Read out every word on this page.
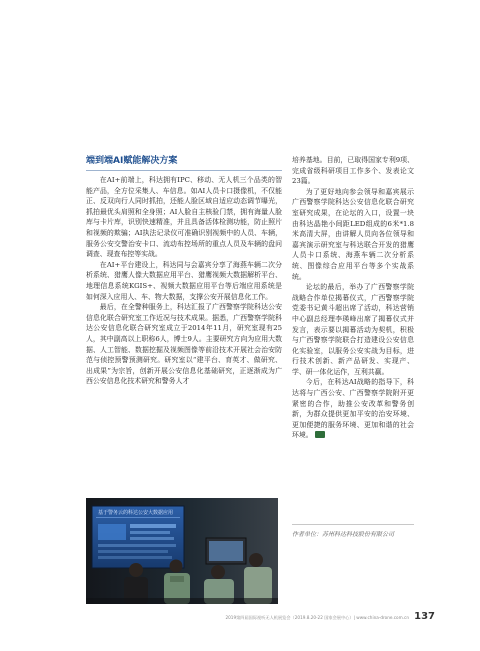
端到端AI赋能解决方案

在AI+前端上，科达拥有IPC、移动、无人机三个品类的智能产品，全方位采集人、车信息。如AI人员卡口摄像机，不仅能正、反双向行人同时抓拍，还能人脸区域自适应动态调节曝光，抓拍最优头肩照和全身照；AI人脸自主核验门禁，拥有海量人脸库与卡片库，识别快速精准，并且具备活体检测功能，防止照片和视频的欺骗；AI执法记录仪可准确识别视频中的人员、车辆，服务公安交警治安卡口、流动布控场所的重点人员及车辆的盘问调查、现查布控等实战。

在AI+平台建设上，科达同与会嘉宾分享了海燕车辆二次分析系统、猎鹰人像大数据应用平台、猎鹰视频大数据解析平台、地理信息系统KGIS+、视频大数据应用平台等后端应用系统是如何深入应用人、车、物大数据，支撑公安开展信息化工作。

最后，在全警种服务上，科达汇报了广西警察学院科达公安信息化联合研究室工作近况与技术成果。据悉，广西警察学院科达公安信息化联合研究室成立于2014年11月，研究室现有25人，其中副高以上职称6人，博士9人。主要研究方向为应用大数据、人工智能、数据挖掘及视频图像等前沿技术开展社会治安防范与侦控预警预测研究。研究室以“建平台、育英才、做研究、出成果”为宗旨，创新开展公安信息化基础研究，正逐渐成为广西公安信息化技术研究和警务人才

培养基地。目前，已取得国家专利9项、完成省级科研项目工作多个、发表论文23篇。

为了更好地向参会领导和嘉宾展示广西警察学院科达公安信息化联合研究室研究成果，在论坛的入口，设置一块由科达晶艳小间距LED组成的6米*1.8米高清大屏，由讲解人员向各位领导和嘉宾演示研究室与科达联合开发的猎鹰人员卡口系统、海燕车辆二次分析系统、图像综合应用平台等多个实战系统。

论坛的最后，举办了广西警察学院战略合作单位揭幕仪式，广西警察学院党委书记黄斗超出席了活动，科达营销中心副总经理李瑛峰出席了揭幕仪式并发言，表示要以揭幕活动为契机，积极与广西警察学院联合打造建设公安信息化实验室，以服务公安实战为目标，进行技术创新、新产品研发、实现产、学、研一体化运作，互利共赢。

今后，在科达AI战略的指导下，科达将与广西公安、广西警察学院附开更紧密的合作，助推公安改革和警务创新，为群众提供更加平安的治安环境、更加便捷的服务环境、更加和谐的社会环境。

基于警务云的科达公安大数据应用
作者单位：苏州科达科技股份有限公司
2019第四届国际视听无人机展览会（2019.8.20-22 国家会展中心）| www.china-drone.com.cn 137
